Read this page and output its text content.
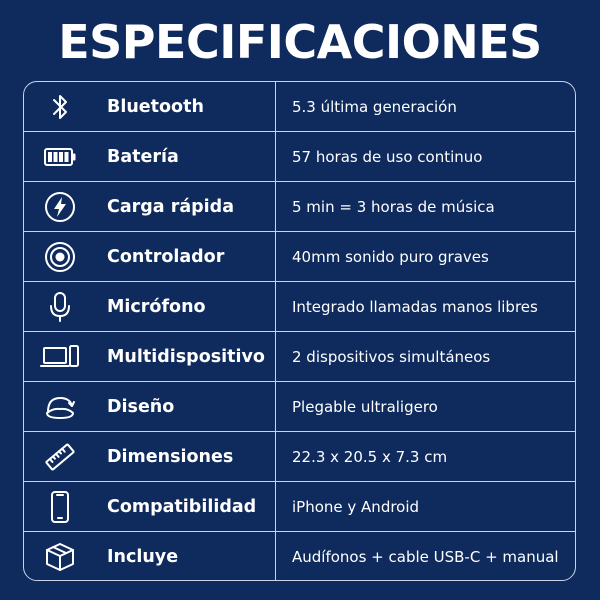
ESPECIFICACIONES
Bluetooth	5.3 última generación
Batería	57 horas de uso continuo
Carga rápida	5 min = 3 horas de música
Controlador	40mm sonido puro graves
Micrófono	Integrado llamadas manos libres
Multidispositivo	2 dispositivos simultáneos
Diseño	Plegable ultraligero
Dimensiones	22.3 x 20.5 x 7.3 cm
Compatibilidad	iPhone y Android
Incluye	Audífonos + cable USB-C + manual
